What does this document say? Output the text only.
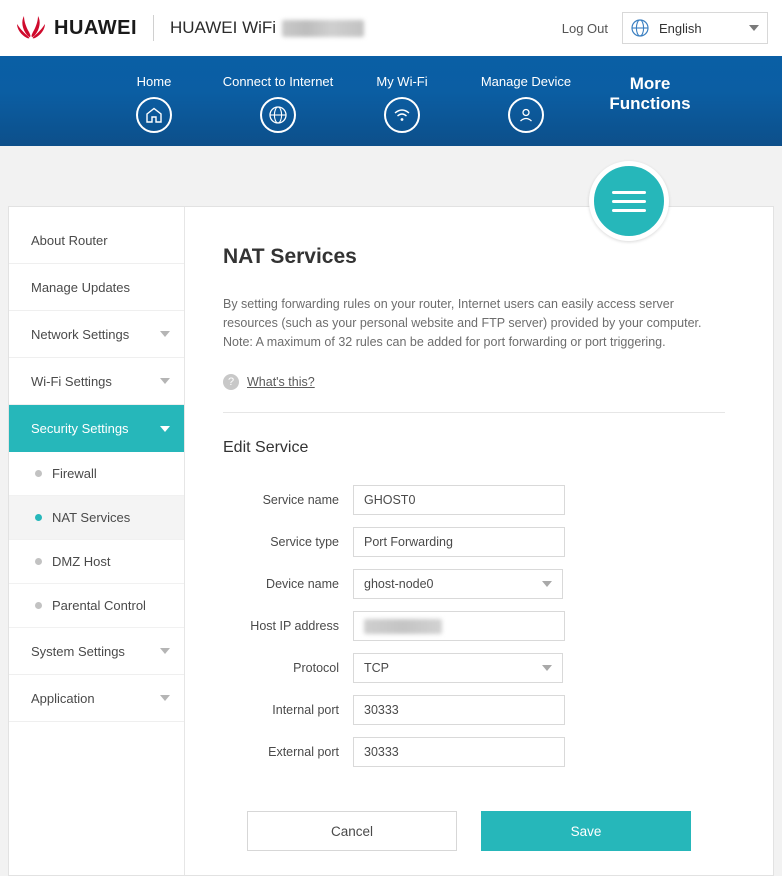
HUAWEI HUAWEI WiFi	Log Out	English
Home	Connect to Internet	My Wi-Fi	Manage Device	More Functions
About Router
Manage Updates
Network Settings
Wi-Fi Settings
Security Settings
Firewall
NAT Services
DMZ Host
Parental Control
System Settings
Application
NAT Services

By setting forwarding rules on your router, Internet users can easily access server resources (such as your personal website and FTP server) provided by your computer. Note: A maximum of 32 rules can be added for port forwarding or port triggering.

?	What's this?
Edit Service
Service name	GHOST0
Service type	Port Forwarding
Device name	ghost-node0
Host IP address
Protocol	TCP
Internal port	30333
External port	30333
Cancel	Save
